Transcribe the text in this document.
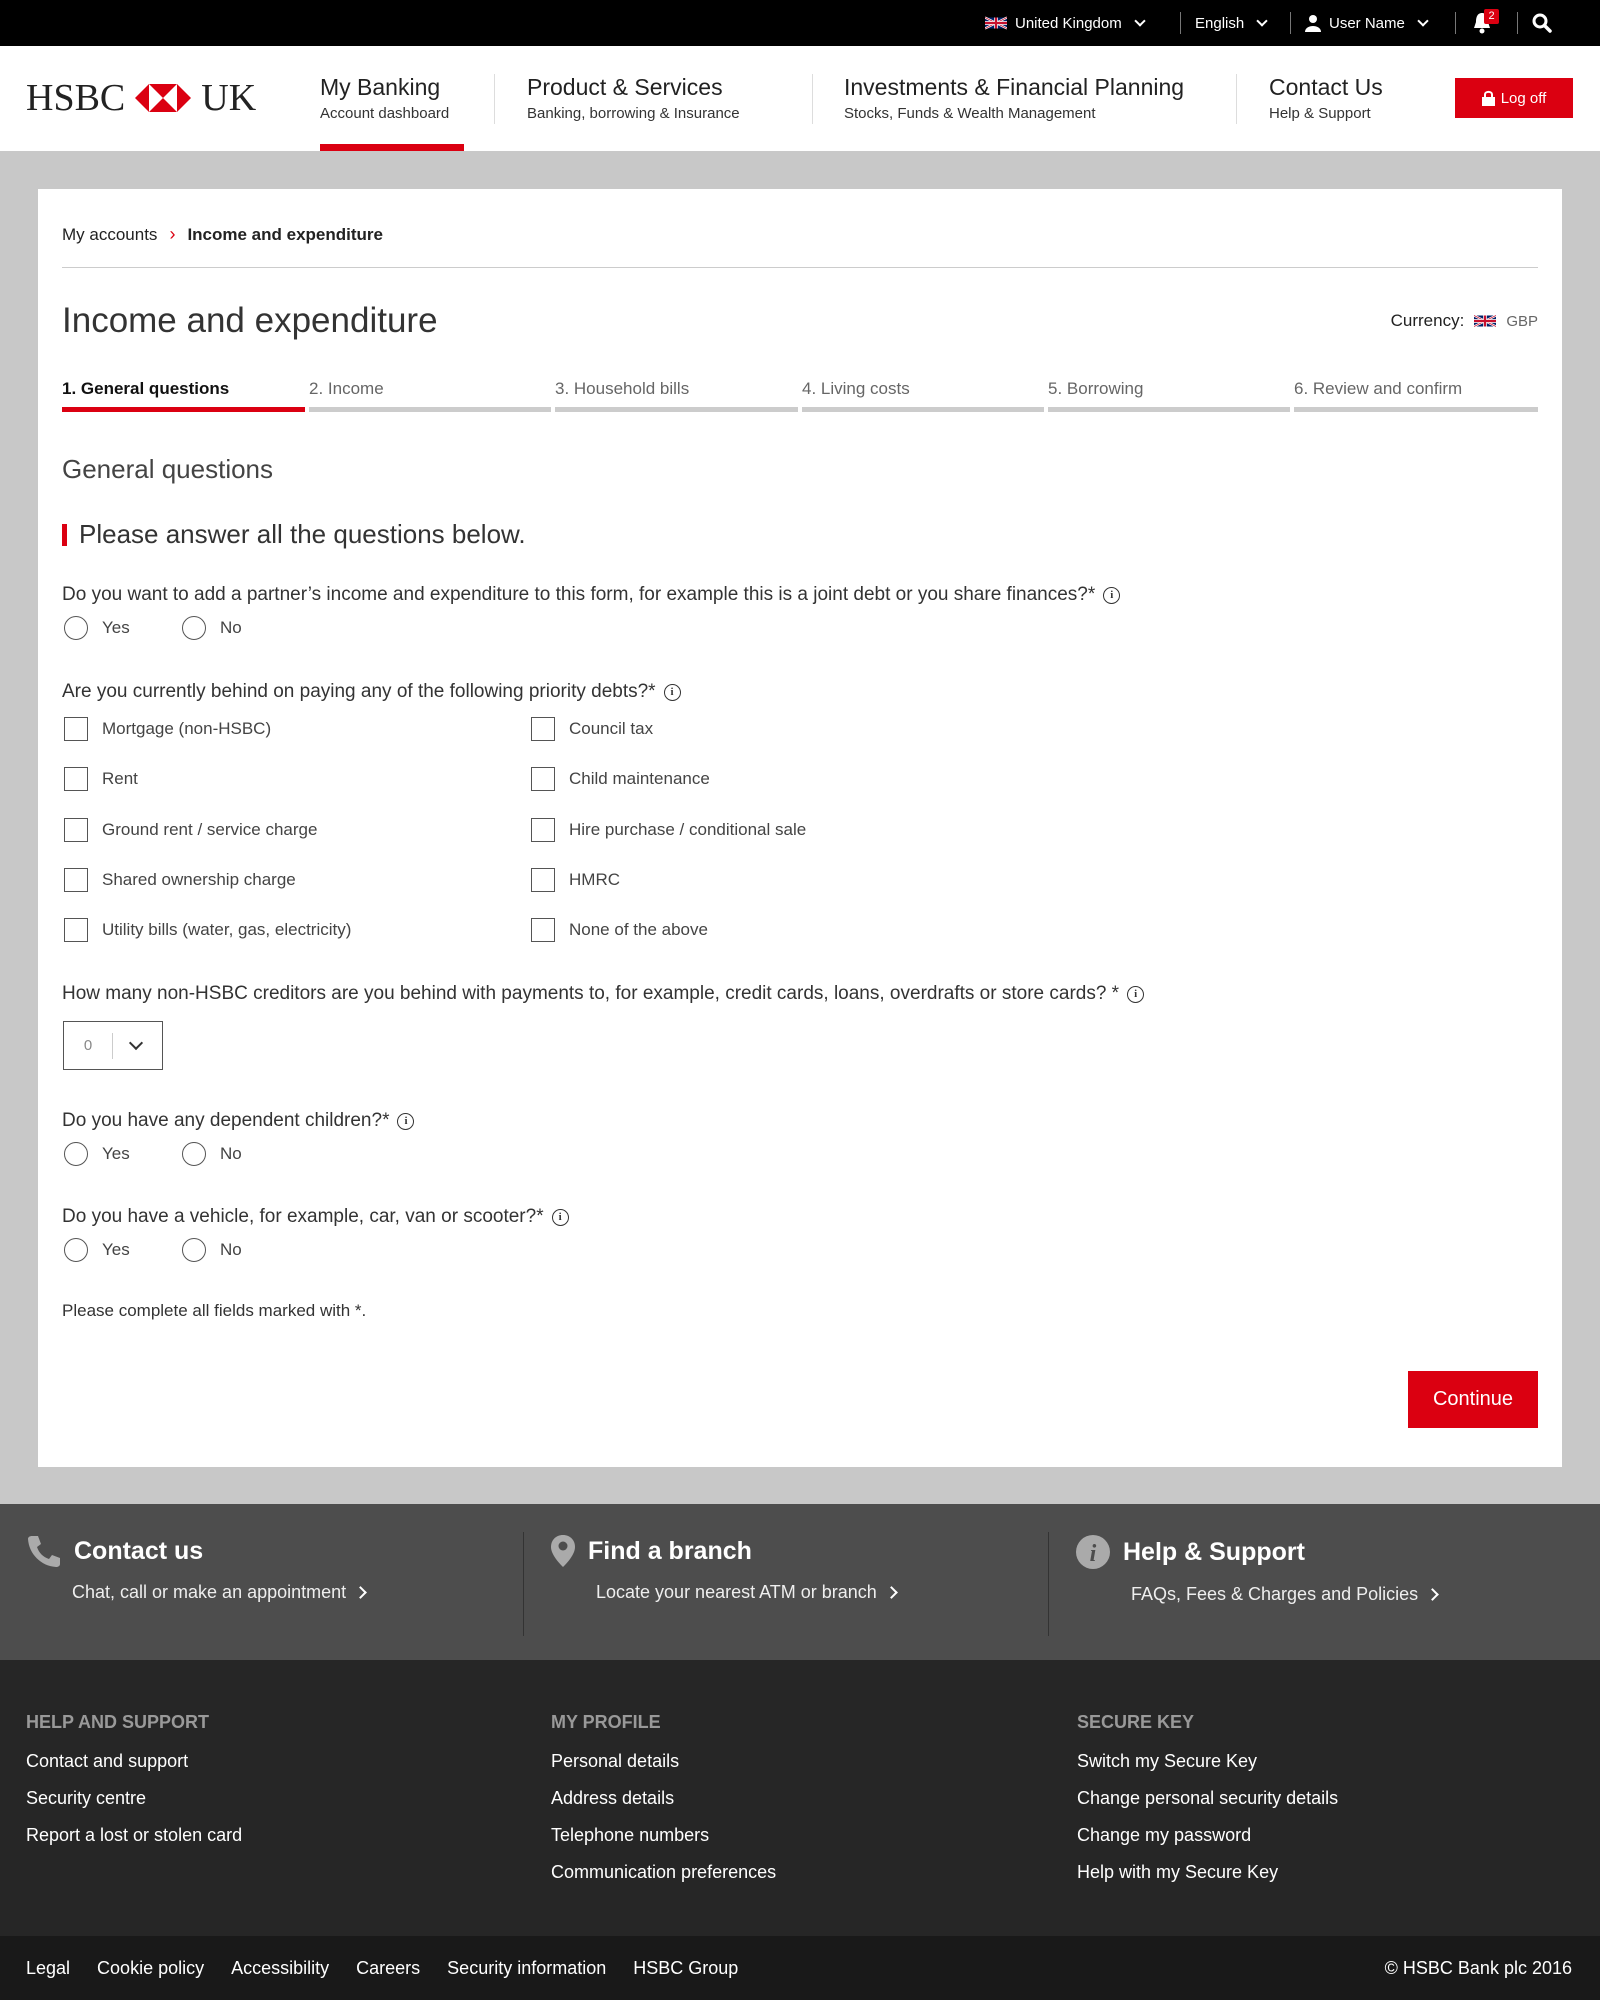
United Kingdom	English	User Name	2
HSBC UK	My Banking
Account dashboard
Product & Services
Banking, borrowing & Insurance
Investments & Financial Planning
Stocks, Funds & Wealth Management
Contact Us
Help & Support
Log off
My accounts › Income and expenditure
Income and expenditure	Currency:	GBP
1. General questions	2. Income	3. Household bills	4. Living costs	5. Borrowing	6. Review and confirm
General questions
Please answer all the questions below.
Do you want to add a partner’s income and expenditure to this form, for example this is a joint debt or you share finances?*	i
Yes	No
Are you currently behind on paying any of the following priority debts?*	i
Mortgage (non-HSBC)
Rent
Ground rent / service charge
Shared ownership charge
Utility bills (water, gas, electricity)
Council tax
Child maintenance
Hire purchase / conditional sale
HMRC
None of the above
How many non-HSBC creditors are you behind with payments to, for example, credit cards, loans, overdrafts or store cards? *	i
0
Do you have any dependent children?*	i
Yes	No
Do you have a vehicle, for example, car, van or scooter?*	i
Yes	No
Please complete all fields marked with *.
Continue
Contact us
Chat, call or make an appointment
Find a branch
Locate your nearest ATM or branch
i Help & Support
FAQs, Fees & Charges and Policies
HELP AND SUPPORT
Contact and support
Security centre
Report a lost or stolen card
MY PROFILE
Personal details
Address details
Telephone numbers
Communication preferences
SECURE KEY
Switch my Secure Key
Change personal security details
Change my password
Help with my Secure Key
Legal Cookie policy Accessibility Careers Security information HSBC Group	© HSBC Bank plc 2016
